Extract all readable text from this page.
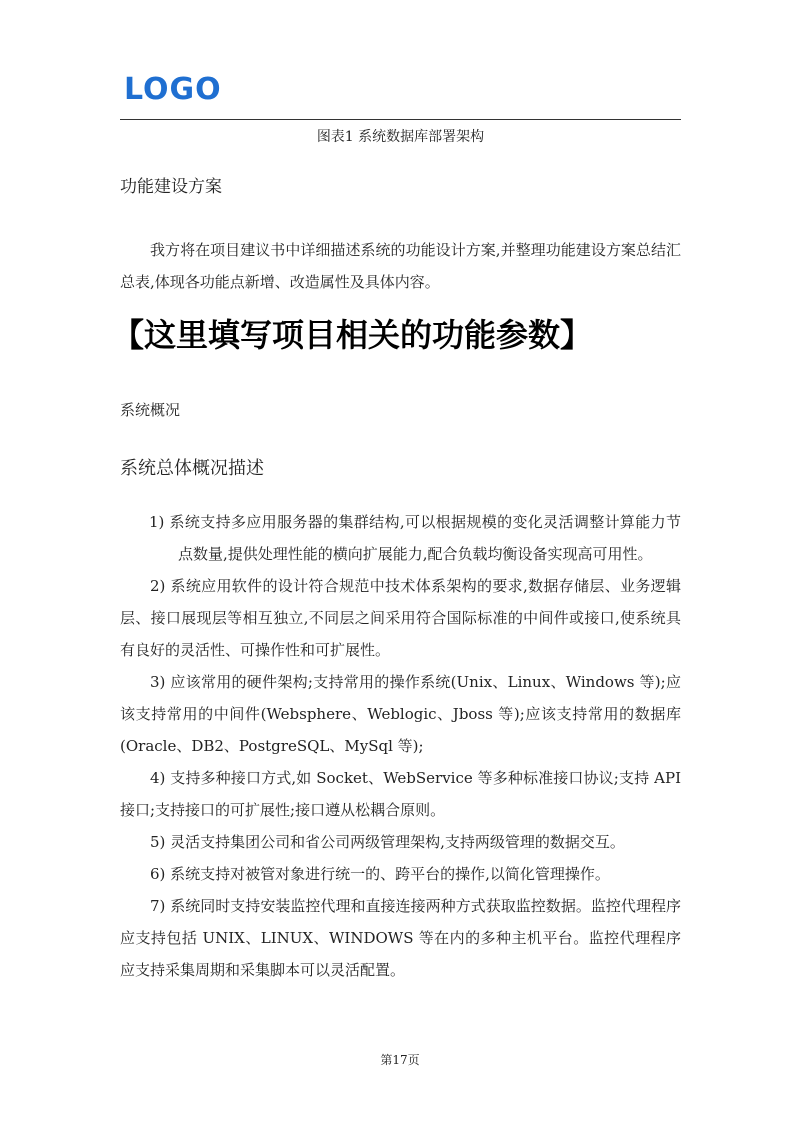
LOGO
图表1 系统数据库部署架构
功能建设方案

我方将在项目建议书中详细描述系统的功能设计方案,并整理功能建设方案总结汇总表,体现各功能点新增、改造属性及具体内容。

【这里填写项目相关的功能参数】
系统概况
系统总体概况描述

1) 系统支持多应用服务器的集群结构,可以根据规模的变化灵活调整计算能力节点数量,提供处理性能的横向扩展能力,配合负载均衡设备实现高可用性。

2) 系统应用软件的设计符合规范中技术体系架构的要求,数据存储层、业务逻辑层、接口展现层等相互独立,不同层之间采用符合国际标准的中间件或接口,使系统具有良好的灵活性、可操作性和可扩展性。

3) 应该常用的硬件架构;支持常用的操作系统(Unix、Linux、Windows 等);应该支持常用的中间件(Websphere、Weblogic、Jboss 等);应该支持常用的数据库(Oracle、DB2、PostgreSQL、MySql 等);

4) 支持多种接口方式,如 Socket、WebService 等多种标准接口协议;支持 API 接口;支持接口的可扩展性;接口遵从松耦合原则。

5) 灵活支持集团公司和省公司两级管理架构,支持两级管理的数据交互。

6) 系统支持对被管对象进行统一的、跨平台的操作,以简化管理操作。

7) 系统同时支持安装监控代理和直接连接两种方式获取监控数据。监控代理程序应支持包括 UNIX、LINUX、WINDOWS 等在内的多种主机平台。监控代理程序应支持采集周期和采集脚本可以灵活配置。

第17页
